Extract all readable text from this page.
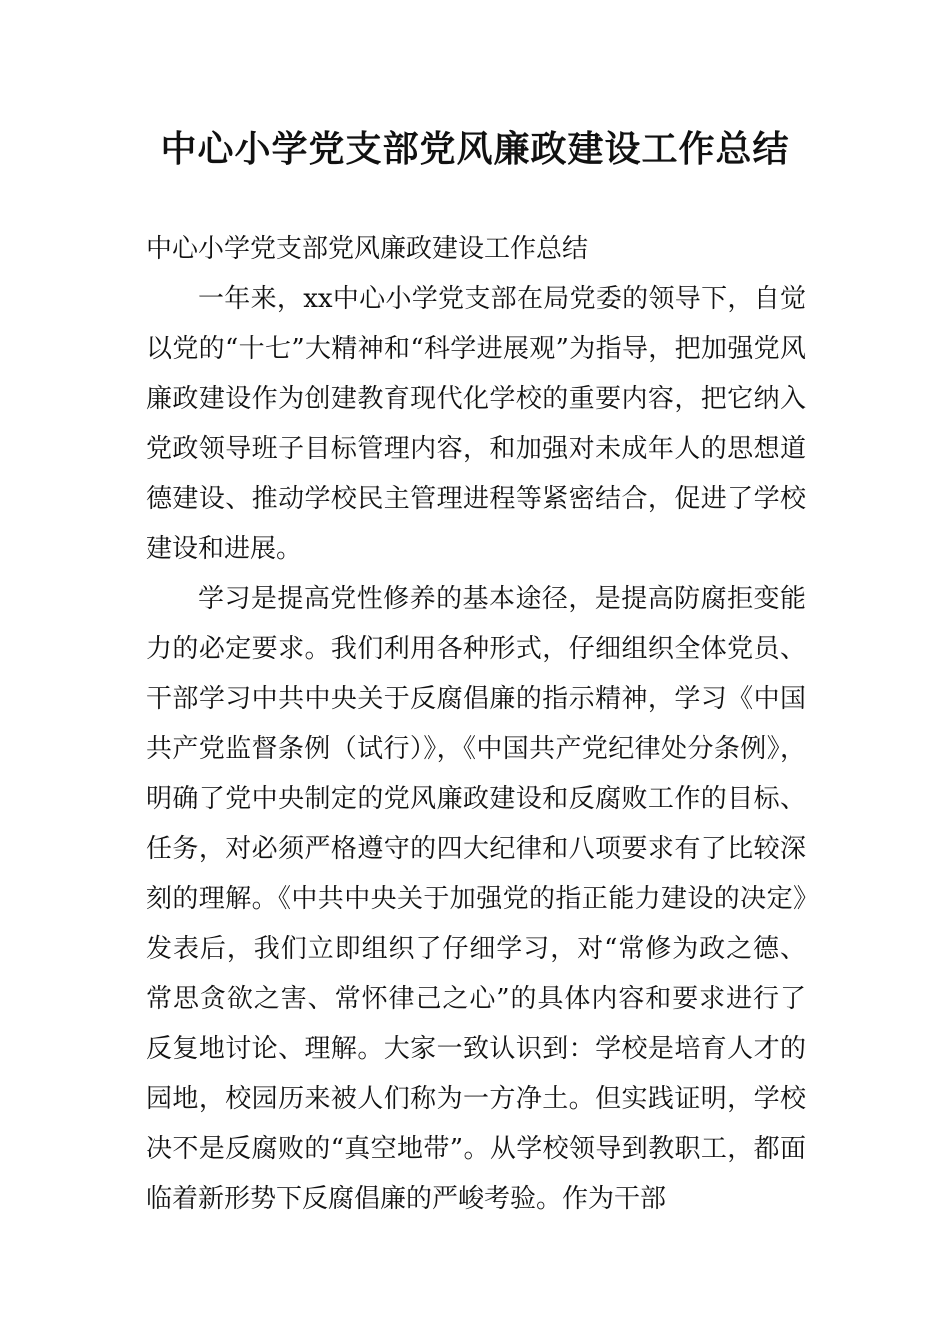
中心小学党支部党风廉政建设工作总结

中心小学党支部党风廉政建设工作总结

一年来，xx中心小学党支部在局党委的领导下，自觉以党的“十七”大精神和“科学进展观”为指导，把加强党风廉政建设作为创建教育现代化学校的重要内容，把它纳入党政领导班子目标管理内容，和加强对未成年人的思想道德建设、推动学校民主管理进程等紧密结合，促进了学校建设和进展。

学习是提高党性修养的基本途径，是提高防腐拒变能力的必定要求。我们利用各种形式，仔细组织全体党员、干部学习中共中央关于反腐倡廉的指示精神，学习《中国共产党监督条例（试行）》，《中国共产党纪律处分条例》，明确了党中央制定的党风廉政建设和反腐败工作的目标、任务，对必须严格遵守的四大纪律和八项要求有了比较深刻的理解。《中共中央关于加强党的指正能力建设的决定》发表后，我们立即组织了仔细学习，对“常修为政之德、常思贪欲之害、常怀律己之心”的具体内容和要求进行了反复地讨论、理解。大家一致认识到：学校是培育人才的园地，校园历来被人们称为一方净土。但实践证明，学校决不是反腐败的“真空地带”。从学校领导到教职工，都面临着新形势下反腐倡廉的严峻考验。作为干部
